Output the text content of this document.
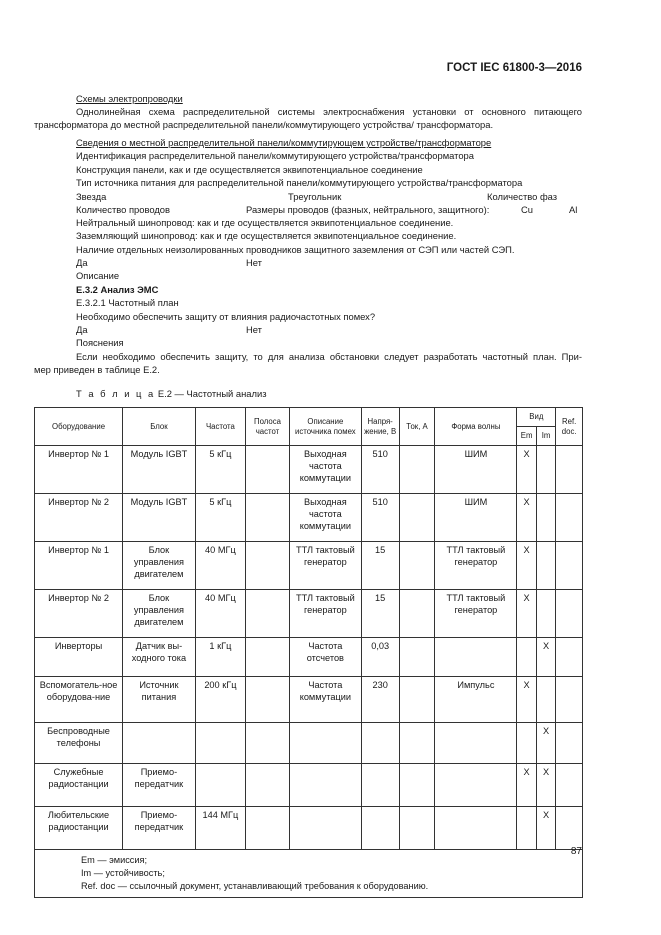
ГОСТ IEC 61800-3—2016
Схемы электропроводки
Однолинейная схема распределительной системы электроснабжения установки от основного питающего
трансформатора до местной распределительной панели/коммутирующего устройства/ трансформатора.
Сведения о местной распределительной панели/коммутирующем устройстве/трансформаторе
Идентификация распределительной панели/коммутирующего устройства/трансформатора
Конструкция панели, как и где осуществляется эквипотенциальное соединение
Тип источника питания для распределительной панели/коммутирующего устройства/трансформатора
Звезда	Треугольник	Количество фаз
Количество проводов	Размеры проводов (фазных, нейтрального, защитного):	Cu	Al
Нейтральный шинопровод: как и где осуществляется эквипотенциальное соединение.
Заземляющий шинопровод: как и где осуществляется эквипотенциальное соединение.
Наличие отдельных неизолированных проводников защитного заземления от СЭП или частей СЭП.
Да	Нет
Описание
E.3.2 Анализ ЭМС
E.3.2.1 Частотный план
Необходимо обеспечить защиту от влияния радиочастотных помех?
Да	Нет
Пояснения
Если необходимо обеспечить защиту, то для анализа обстановки следует разработать частотный план. При-
мер приведен в таблице E.2.
Т а б л и ц а E.2 — Частотный анализ
Оборудование	Блок	Частота	Полоса частот	Описание источника помех	Напря-жение, В	Ток, А	Форма волны	Вид		Ref. doc.
								Em	Im	
Инвертор № 1	Модуль IGBT	5 кГц		Выходная частота коммутации	510		ШИМ	X		
Инвертор № 2	Модуль IGBT	5 кГц		Выходная частота коммутации	510		ШИМ	X		
Инвертор № 1	Блок управления двигателем	40 МГц		ТТЛ тактовый генератор	15		ТТЛ тактовый генератор	X		
Инвертор № 2	Блок управления двигателем	40 МГц		ТТЛ тактовый генератор	15		ТТЛ тактовый генератор	X		
Инверторы	Датчик вы-ходного тока	1 кГц		Частота отсчетов	0,03				X	
Вспомогатель-ное оборудова-ние	Источник питания	200 кГц		Частота коммутации	230		Импульс	X		
Беспроводные телефоны									X	
Служебные радиостанции	Приемо-передатчик							X	X	
Любительские радиостанции	Приемо-передатчик	144 МГц							X	

Em — эмиссия;
Im — устойчивость;
Ref. doc — ссылочный документ, устанавливающий требования к оборудованию.										
87
